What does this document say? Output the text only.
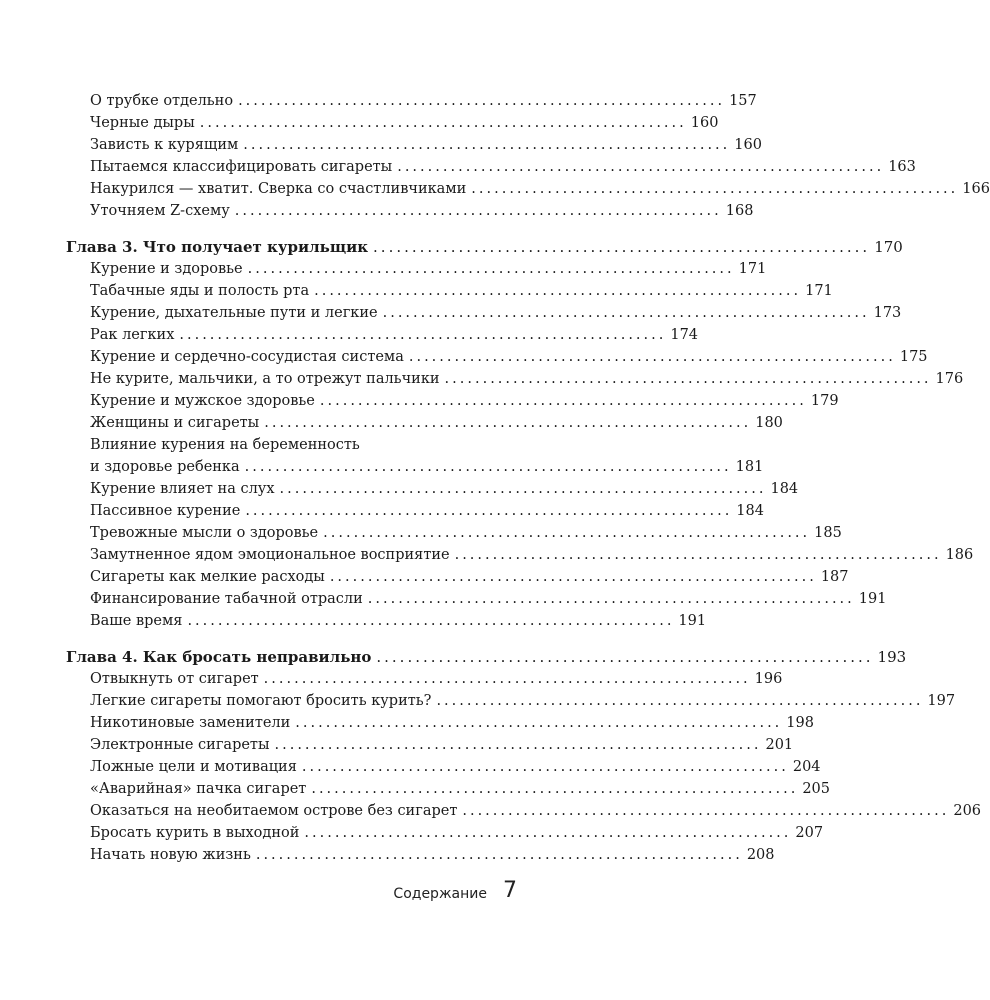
О трубке отдельно ................................................................ 157
Черные дыры ................................................................ 160
Зависть к курящим ................................................................ 160
Пытаемся классифицировать сигареты ................................................................ 163
Накурился — хватит. Сверка со счастливчиками ................................................................ 166
Уточняем Z-схему ................................................................ 168
Глава 3. Что получает курильщик ................................................................ 170
Курение и здоровье ................................................................ 171
Табачные яды и полость рта ................................................................ 171
Курение, дыхательные пути и легкие ................................................................ 173
Рак легких ................................................................ 174
Курение и сердечно-сосудистая система ................................................................ 175
Не курите, мальчики, а то отрежут пальчики ................................................................ 176
Курение и мужское здоровье ................................................................ 179
Женщины и сигареты ................................................................ 180
Влияние курения на беременность
и здоровье ребенка ................................................................ 181
Курение влияет на слух ................................................................ 184
Пассивное курение ................................................................ 184
Тревожные мысли о здоровье ................................................................ 185
Замутненное ядом эмоциональное восприятие ................................................................ 186
Сигареты как мелкие расходы ................................................................ 187
Финансирование табачной отрасли ................................................................ 191
Ваше время ................................................................ 191
Глава 4. Как бросать неправильно ................................................................ 193
Отвыкнуть от сигарет ................................................................ 196
Легкие сигареты помогают бросить курить? ................................................................ 197
Никотиновые заменители ................................................................ 198
Электронные сигареты ................................................................ 201
Ложные цели и мотивация ................................................................ 204
«Аварийная» пачка сигарет ................................................................ 205
Оказаться на необитаемом острове без сигарет ................................................................ 206
Бросать курить в выходной ................................................................ 207
Начать новую жизнь ................................................................ 208
Содержание 7
